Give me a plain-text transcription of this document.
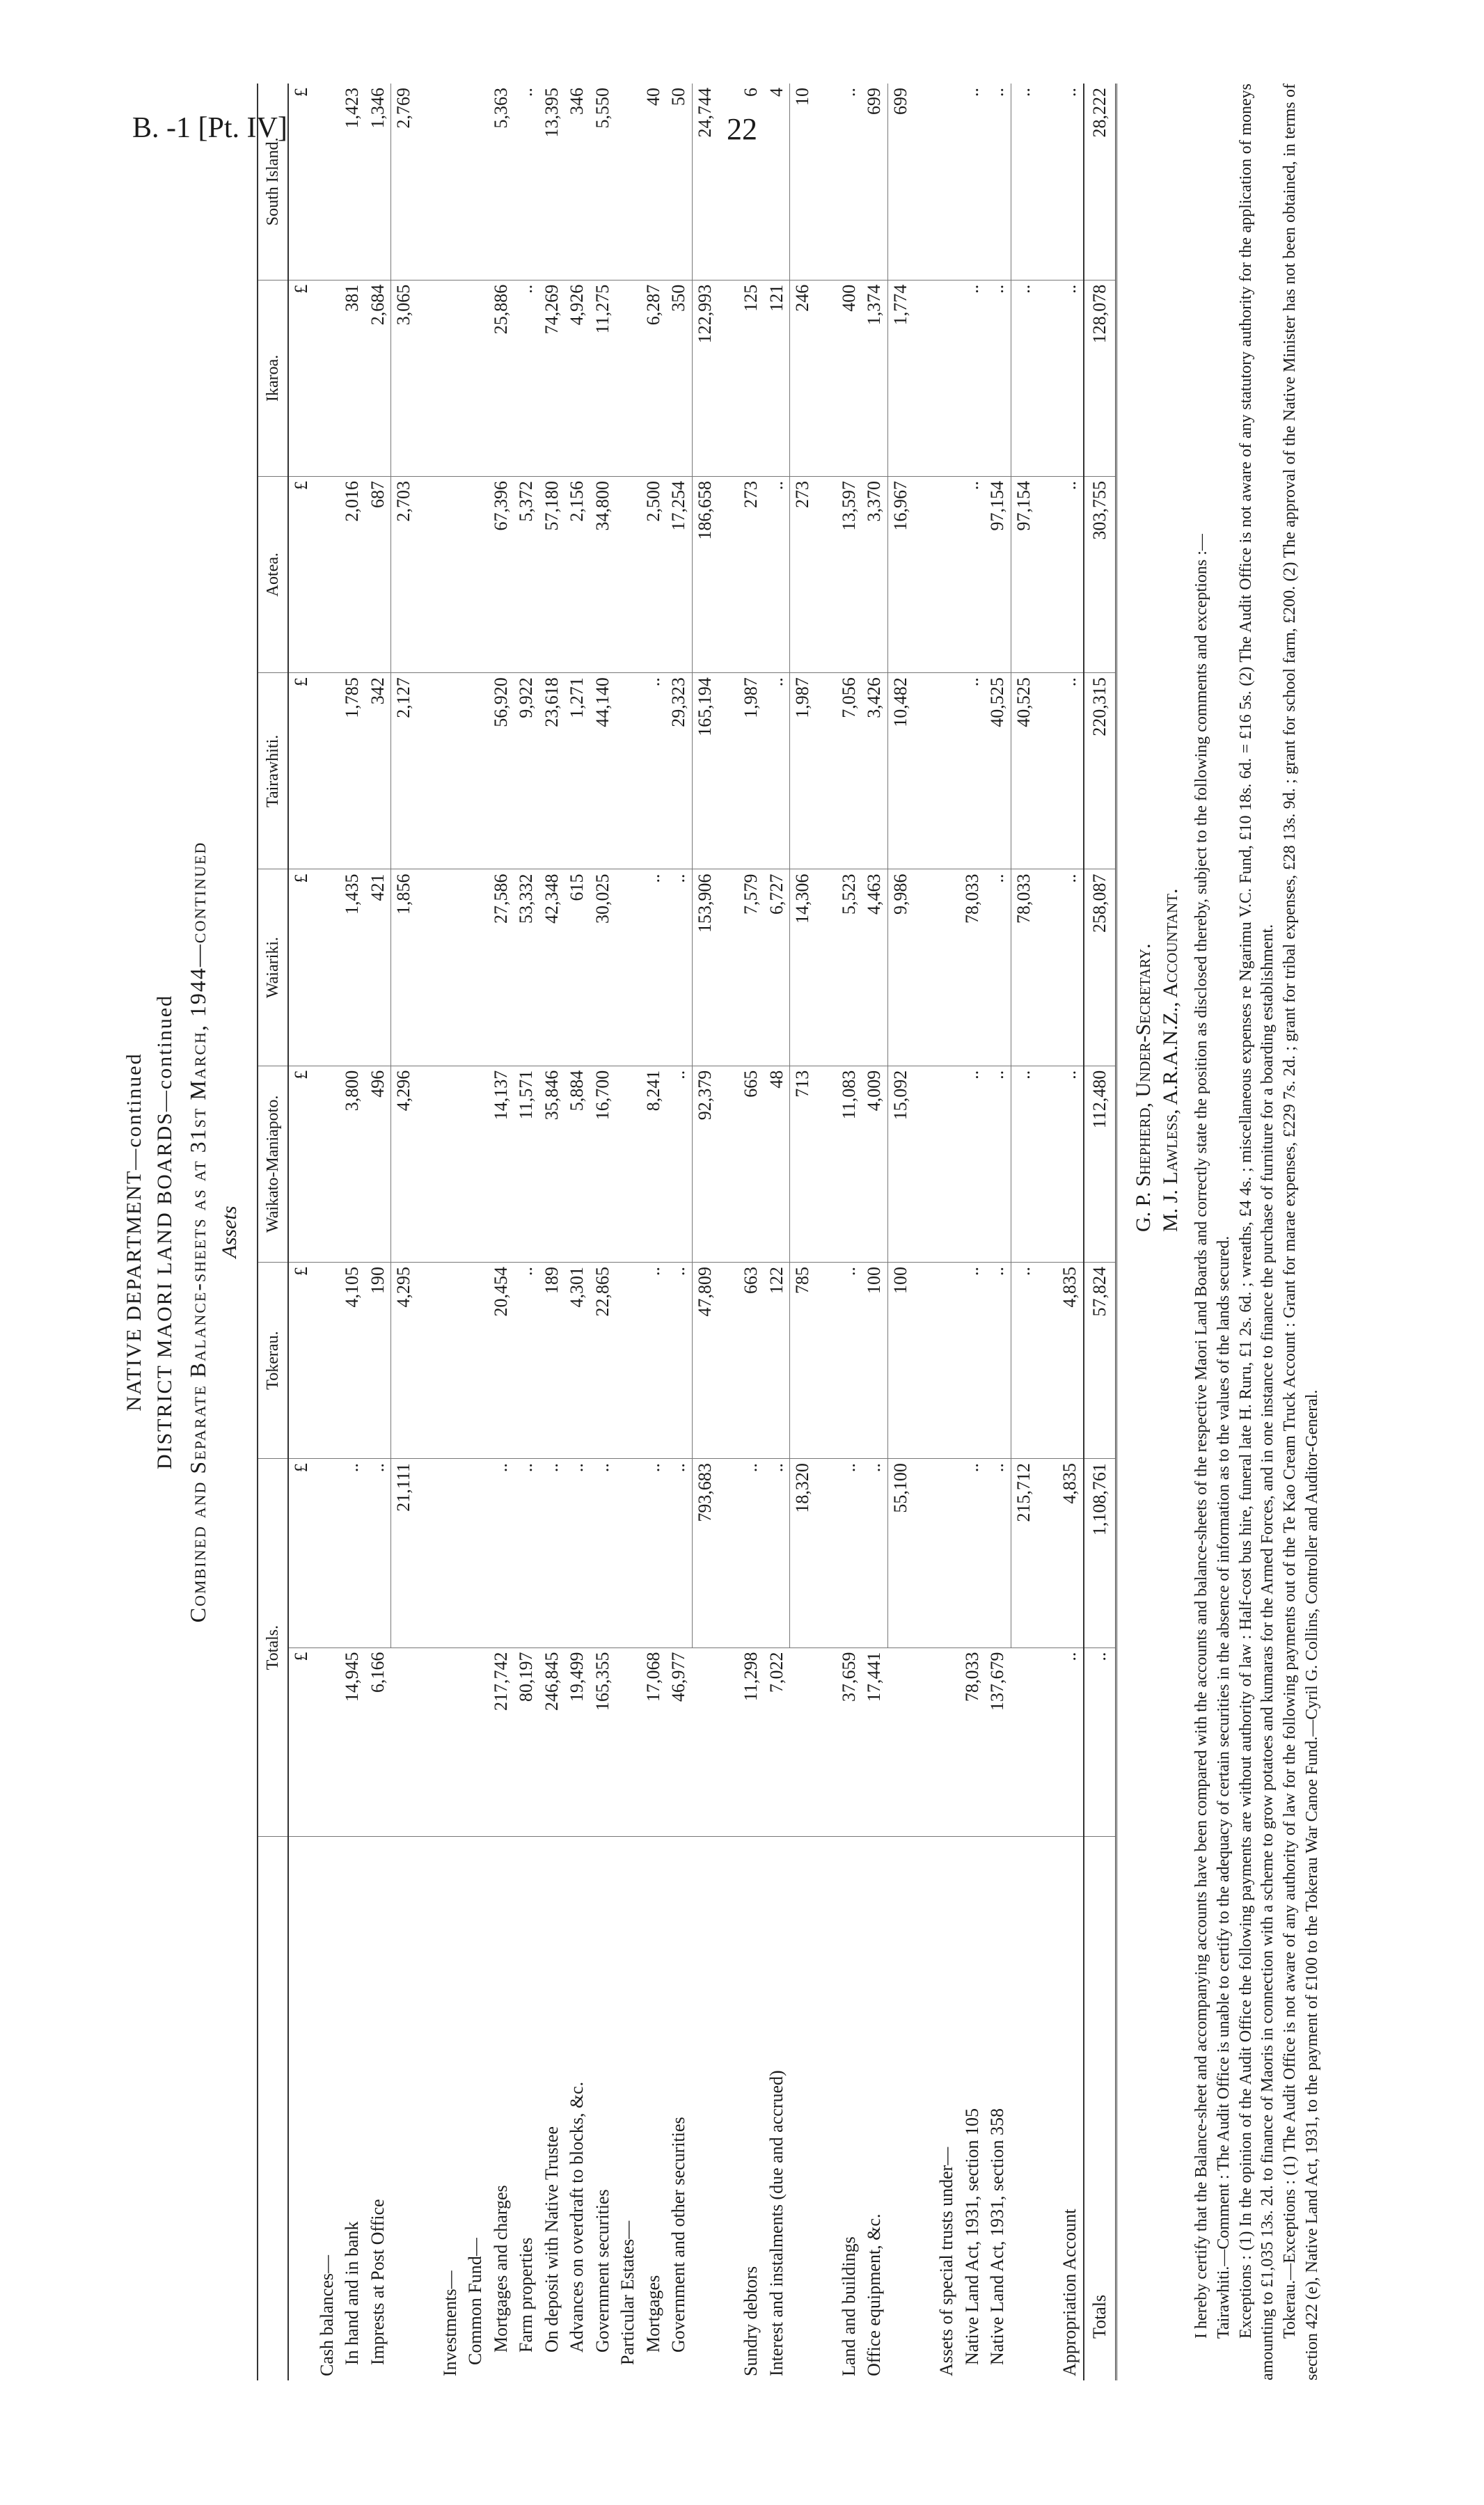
B. -1 [Pt. IV]	22
NATIVE DEPARTMENT—continued DISTRICT MAORI LAND BOARDS—continued Combined and Separate Balance-sheets as at 31st March, 1944—continued Assets
	Totals.		Tokerau.	Waikato-Maniapoto.	Waiariki.	Tairawhiti.	Aotea.	Ikaroa.	South Island.
	£	£	£	£	£	£	£	£	£
Cash balances—									
In hand and in bank	14,945	..	4,105	3,800	1,435	1,785	2,016	381	1,423
Imprests at Post Office	6,166	..	190	496	421	342	687	2,684	1,346
		21,111	4,295	4,296	1,856	2,127	2,703	3,065	2,769

Investments—									
Common Fund—									
Mortgages and charges	217,742	..	20,454	14,137	27,586	56,920	67,396	25,886	5,363
Farm properties	80,197	..	..	11,571	53,332	9,922	5,372	..	..
On deposit with Native Trustee	246,845	..	189	35,846	42,348	23,618	57,180	74,269	13,395
Advances on overdraft to blocks, &c.	19,499	..	4,301	5,884	615	1,271	2,156	4,926	346
Government securities	165,355	..	22,865	16,700	30,025	44,140	34,800	11,275	5,550
Particular Estates—									
Mortgages	17,068	..	..	8,241	..	..	2,500	6,287	40
Government and other securities	46,977	..	..	..	..	29,323	17,254	350	50
		793,683	47,809	92,379	153,906	165,194	186,658	122,993	24,744

Sundry debtors	11,298	..	663	665	7,579	1,987	273	125	6
Interest and instalments (due and accrued)	7,022	..	122	48	6,727	..	..	121	4
		18,320	785	713	14,306	1,987	273	246	10

Land and buildings	37,659	..	..	11,083	5,523	7,056	13,597	400	..
Office equipment, &c.	17,441	..	100	4,009	4,463	3,426	3,370	1,374	699
		55,100	100	15,092	9,986	10,482	16,967	1,774	699

Assets of special trusts under—									
Native Land Act, 1931, section 105	78,033	..	..	..	78,033	..	..	..	..
Native Land Act, 1931, section 358	137,679	..	..	..	..	40,525	97,154	..	..
		215,712	..	..	78,033	40,525	97,154	..	..

Appropriation Account	..	4,835	4,835	..	..	..	..	..	..
Totals	..	1,108,761	57,824	112,480	258,087	220,315	303,755	128,078	28,222
G. P. Shepherd, Under-Secretary. M. J. Lawless, A.R.A.N.Z., Accountant. I hereby certify that the Balance-sheet and accompanying accounts have been compared with the accounts and balance-sheets of the respective Maori Land Boards and correctly state the position as disclosed thereby, subject to the following comments and exceptions :— Tairawhiti.—Comment : The Audit Office is unable to certify to the adequacy of certain securities in the absence of information as to the values of the lands secured. Exceptions : (1) In the opinion of the Audit Office the following payments are without authority of law : Half-cost bus hire, funeral late H. Ruru, £1 2s. 6d. ; wreaths, £4 4s. ; miscellaneous expenses re Ngarimu V.C. Fund, £10 18s. 6d. = £16 5s. (2) The Audit Office is not aware of any statutory authority for the application of moneys amounting to £1,035 13s. 2d. to finance of Maoris in connection with a scheme to grow potatoes and kumaras for the Armed Forces, and in one instance to finance the purchase of furniture for a boarding establishment. Tokerau.—Exceptions : (1) The Audit Office is not aware of any authority of law for the following payments out of the Te Kao Cream Truck Account : Grant for marae expenses, £229 7s. 2d. ; grant for tribal expenses, £28 13s. 9d. ; grant for school farm, £200. (2) The approval of the Native Minister has not been obtained, in terms of section 422 (e), Native Land Act, 1931, to the payment of £100 to the Tokerau War Canoe Fund.—Cyril G. Collins, Controller and Auditor-General.
